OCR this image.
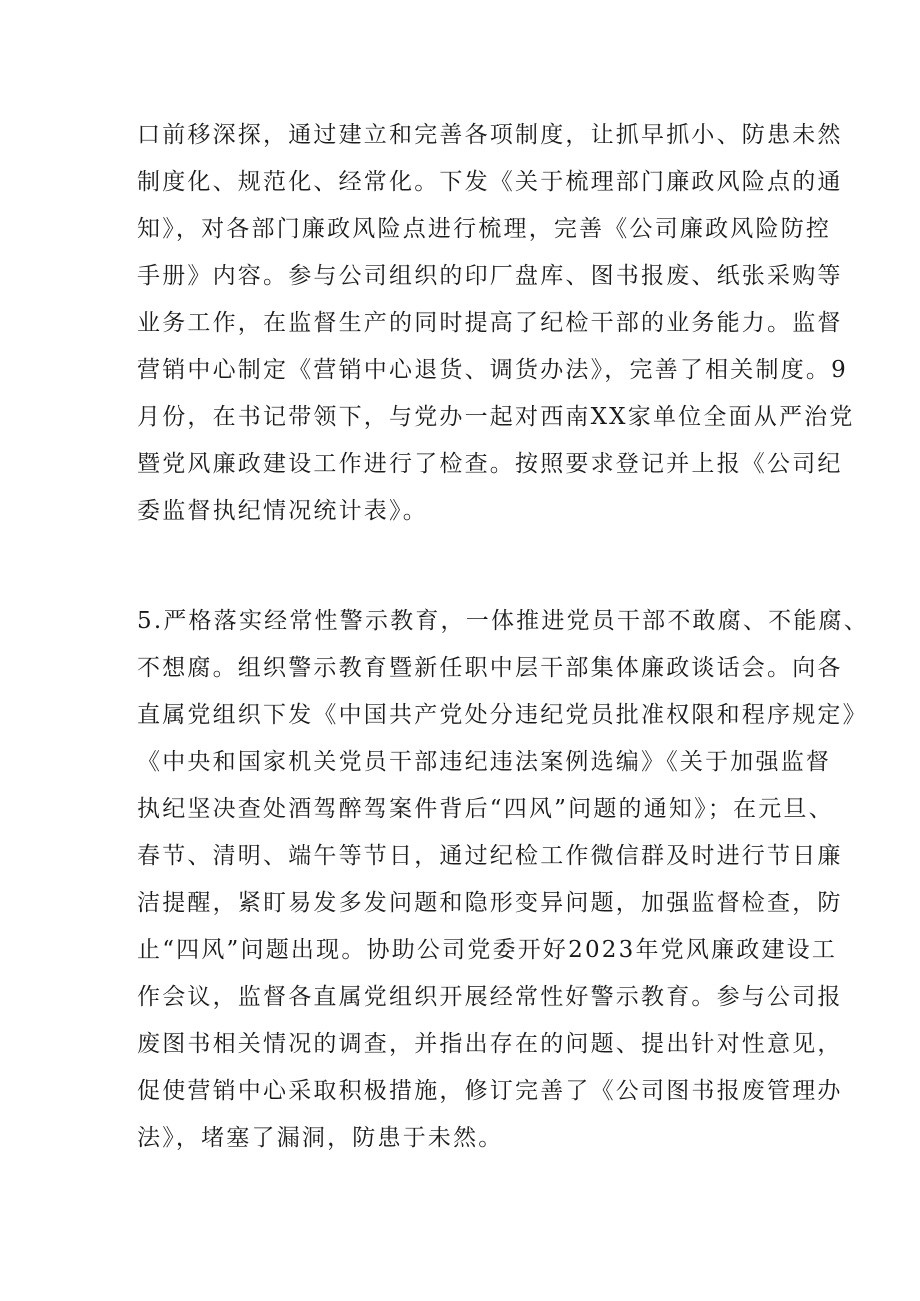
口前移深探，通过建立和完善各项制度，让抓早抓小、防患未然
制度化、规范化、经常化。下发《关于梳理部门廉政风险点的通
知》，对各部门廉政风险点进行梳理，完善《公司廉政风险防控
手册》内容。参与公司组织的印厂盘库、图书报废、纸张采购等
业务工作，在监督生产的同时提高了纪检干部的业务能力。监督
营销中心制定《营销中心退货、调货办法》，完善了相关制度。9
月份，在书记带领下，与党办一起对西南XX家单位全面从严治党
暨党风廉政建设工作进行了检查。按照要求登记并上报《公司纪
委监督执纪情况统计表》。
5.严格落实经常性警示教育，一体推进党员干部不敢腐、不能腐、
不想腐。组织警示教育暨新任职中层干部集体廉政谈话会。向各
直属党组织下发《中国共产党处分违纪党员批准权限和程序规定》
《中央和国家机关党员干部违纪违法案例选编》《关于加强监督
执纪坚决查处酒驾醉驾案件背后“四风”问题的通知》；在元旦、
春节、清明、端午等节日，通过纪检工作微信群及时进行节日廉
洁提醒，紧盯易发多发问题和隐形变异问题，加强监督检查，防
止“四风”问题出现。协助公司党委开好2023年党风廉政建设工
作会议，监督各直属党组织开展经常性好警示教育。参与公司报
废图书相关情况的调查，并指出存在的问题、提出针对性意见，
促使营销中心采取积极措施，修订完善了《公司图书报废管理办
法》，堵塞了漏洞，防患于未然。
